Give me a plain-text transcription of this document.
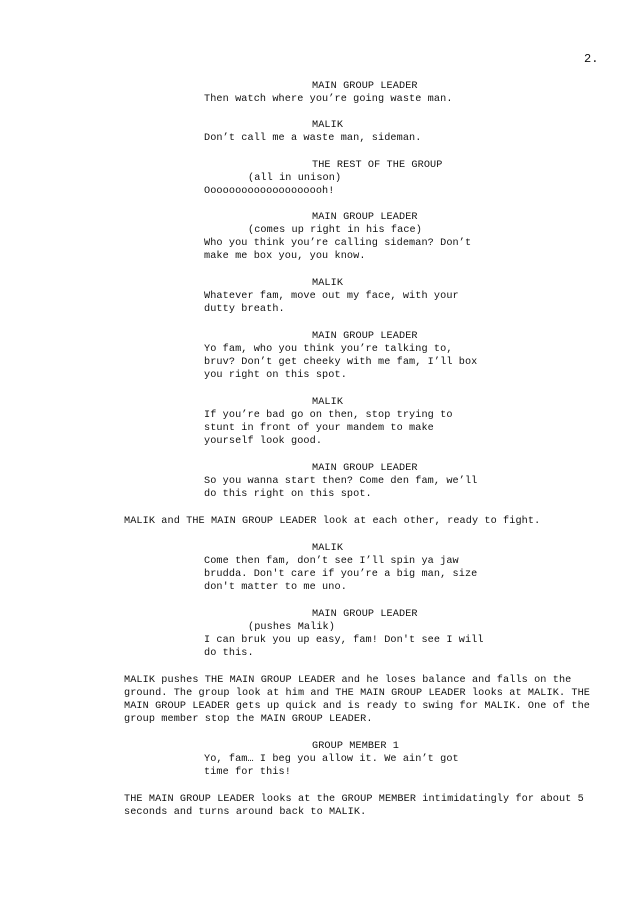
2.
MAIN GROUP LEADER
Then watch where you’re going waste man.
MALIK
Don’t call me a waste man, sideman.
THE REST OF THE GROUP
(all in unison)
Oooooooooooooooooooh!
MAIN GROUP LEADER
(comes up right in his face)
Who you think you’re calling sideman? Don’t
make me box you, you know.
MALIK
Whatever fam, move out my face, with your
dutty breath.
MAIN GROUP LEADER
Yo fam, who you think you’re talking to,
bruv? Don’t get cheeky with me fam, I’ll box
you right on this spot.
MALIK
If you’re bad go on then, stop trying to
stunt in front of your mandem to make
yourself look good.
MAIN GROUP LEADER
So you wanna start then? Come den fam, we’ll
do this right on this spot.
MALIK and THE MAIN GROUP LEADER look at each other, ready to fight.
MALIK
Come then fam, don’t see I’ll spin ya jaw
brudda. Don't care if you’re a big man, size
don't matter to me uno.
MAIN GROUP LEADER
(pushes Malik)
I can bruk you up easy, fam! Don't see I will
do this.
MALIK pushes THE MAIN GROUP LEADER and he loses balance and falls on the
ground. The group look at him and THE MAIN GROUP LEADER looks at MALIK. THE
MAIN GROUP LEADER gets up quick and is ready to swing for MALIK. One of the
group member stop the MAIN GROUP LEADER.
GROUP MEMBER 1
Yo, fam… I beg you allow it. We ain’t got
time for this!
THE MAIN GROUP LEADER looks at the GROUP MEMBER intimidatingly for about 5
seconds and turns around back to MALIK.
